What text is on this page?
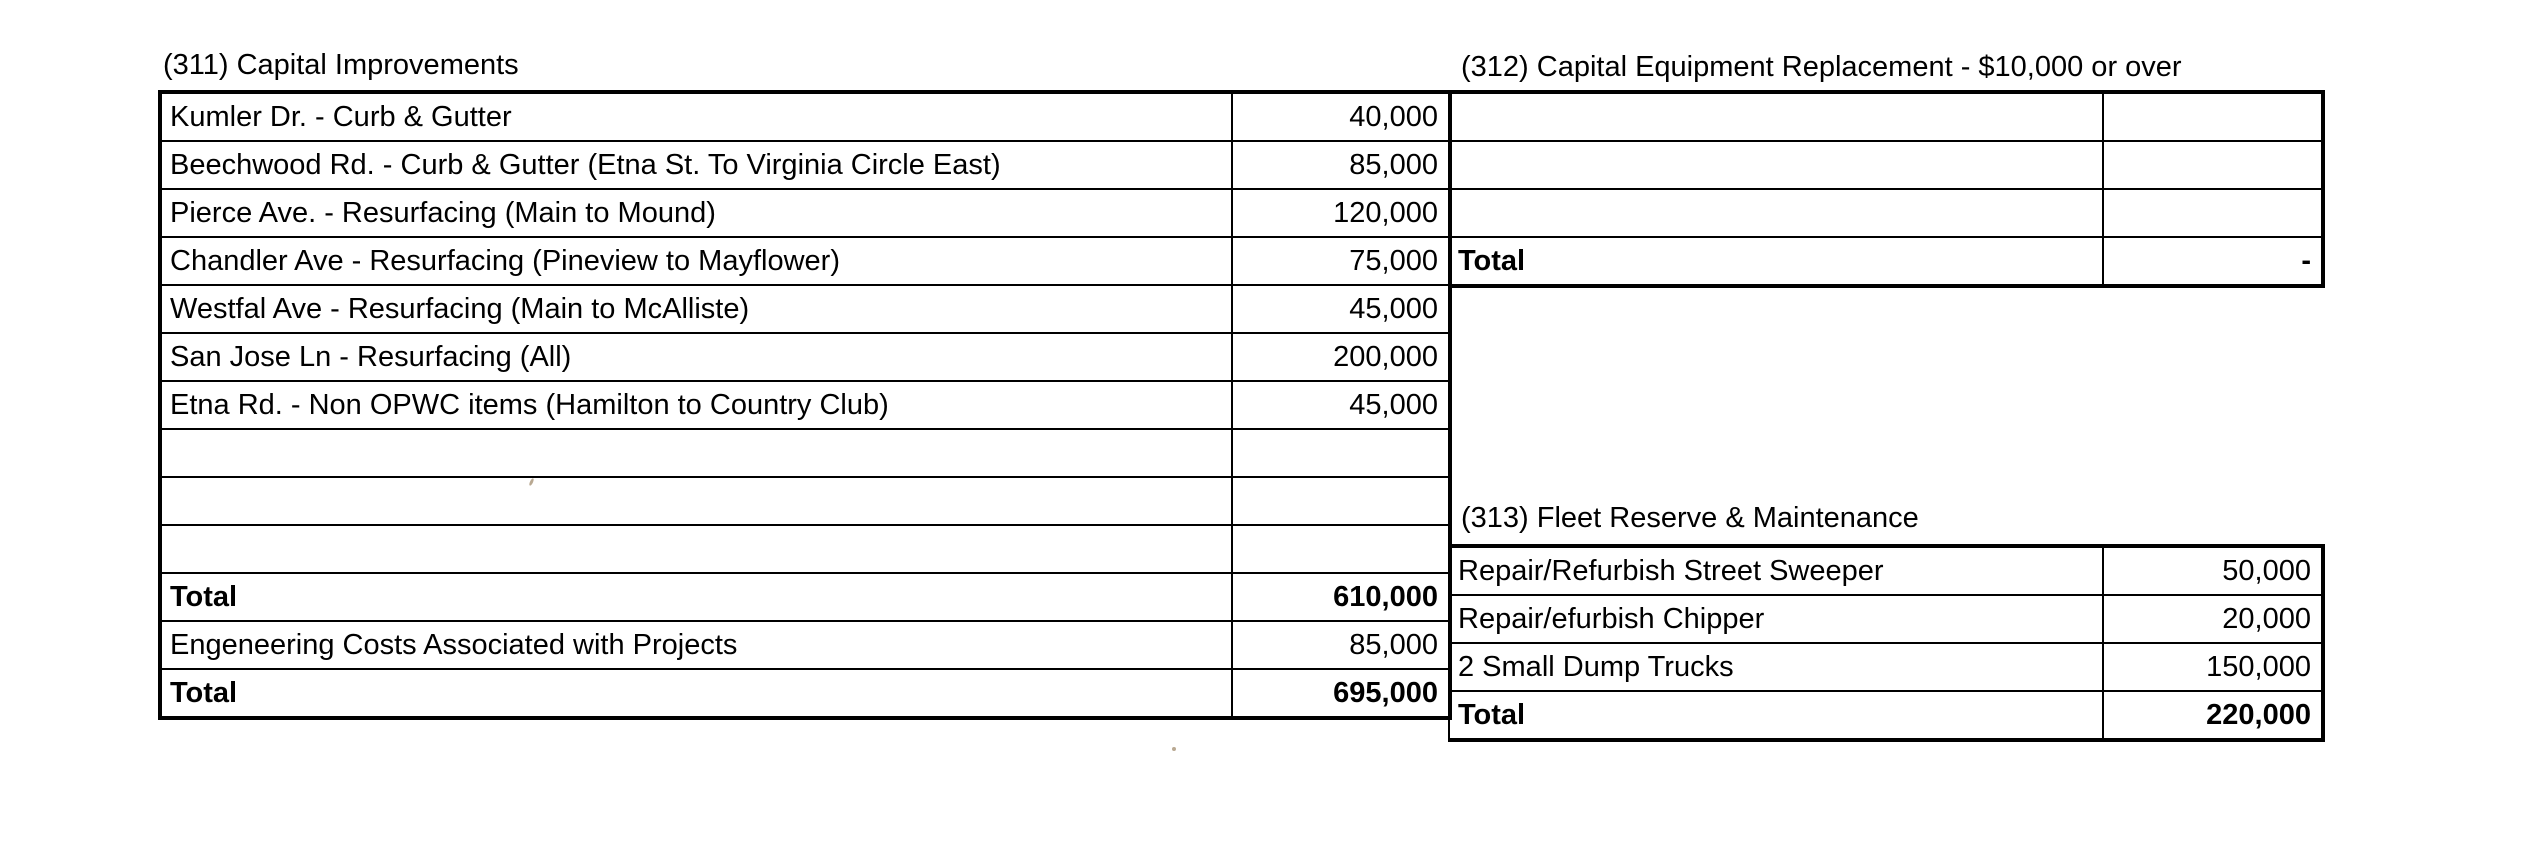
(311) Capital Improvements
Kumler Dr. - Curb & Gutter	40,000
Beechwood Rd. - Curb & Gutter (Etna St. To Virginia Circle East)	85,000
Pierce Ave. - Resurfacing (Main to Mound)	120,000
Chandler Ave - Resurfacing (Pineview to Mayflower)	75,000
Westfal Ave - Resurfacing (Main to McAlliste)	45,000
San Jose Ln - Resurfacing (All)	200,000
Etna Rd. - Non OPWC items (Hamilton to Country Club)	45,000

Total	610,000
Engeneering Costs Associated with Projects	85,000
Total	695,000
(312) Capital Equipment Replacement - $10,000 or over

Total	-
(313) Fleet Reserve & Maintenance
Repair/Refurbish Street Sweeper	50,000
Repair/efurbish Chipper	20,000
2 Small Dump Trucks	150,000
Total	220,000
